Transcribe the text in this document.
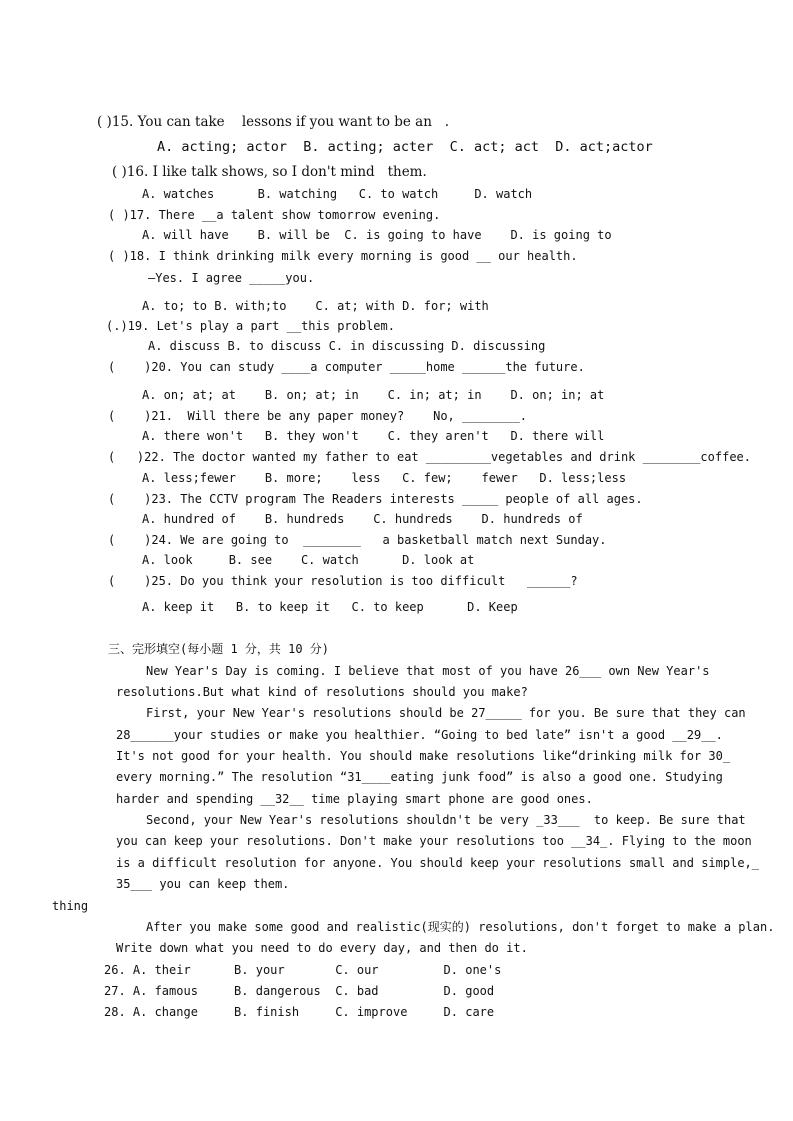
( )15. You can take    lessons if you want to be an   .
A. acting; actor  B. acting; acter  C. act; act  D. act;actor
( )16. I like talk shows, so I don't mind   them.
A. watches      B. watching   C. to watch     D. watch
( )17. There __a talent show tomorrow evening.
A. will have    B. will be  C. is going to have    D. is going to
( )18. I think drinking milk every morning is good __ our health.
—Yes. I agree _____you.
A. to; to B. with;to    C. at; with D. for; with
(.)19. Let's play a part __this problem.
A. discuss B. to discuss C. in discussing D. discussing
(    )20. You can study ____a computer _____home ______the future.
A. on; at; at    B. on; at; in    C. in; at; in    D. on; in; at
(    )21.  Will there be any paper money?    No, ________.
A. there won't   B. they won't    C. they aren't   D. there will
(   )22. The doctor wanted my father to eat _________vegetables and drink ________coffee.
A. less;fewer    B. more;    less   C. few;    fewer   D. less;less
(    )23. The CCTV program The Readers interests _____ people of all ages.
A. hundred of    B. hundreds    C. hundreds    D. hundreds of
(    )24. We are going to  ________   a basketball match next Sunday.
A. look     B. see    C. watch      D. look at
(    )25. Do you think your resolution is too difficult   ______?
A. keep it   B. to keep it   C. to keep      D. Keep
三、完形填空(每小题 1 分，共 10 分)
New Year's Day is coming. I believe that most of you have 26___ own New Year's
resolutions.But what kind of resolutions should you make?
First, your New Year's resolutions should be 27_____ for you. Be sure that they can
28______your studies or make you healthier. “Going to bed late” isn't a good __29__.
It's not good for your health. You should make resolutions like“drinking milk for 30_
every morning.” The resolution “31____eating junk food” is also a good one. Studying
harder and spending __32__ time playing smart phone are good ones.
Second, your New Year's resolutions shouldn't be very _33___  to keep. Be sure that
you can keep your resolutions. Don't make your resolutions too __34_. Flying to the moon
is a difficult resolution for anyone. You should keep your resolutions small and simple,_
35___ you can keep them.
thing
After you make some good and realistic(现实的) resolutions, don't forget to make a plan.
Write down what you need to do every day, and then do it.
26. A. their      B. your       C. our         D. one's
27. A. famous     B. dangerous  C. bad         D. good
28. A. change     B. finish     C. improve     D. care
